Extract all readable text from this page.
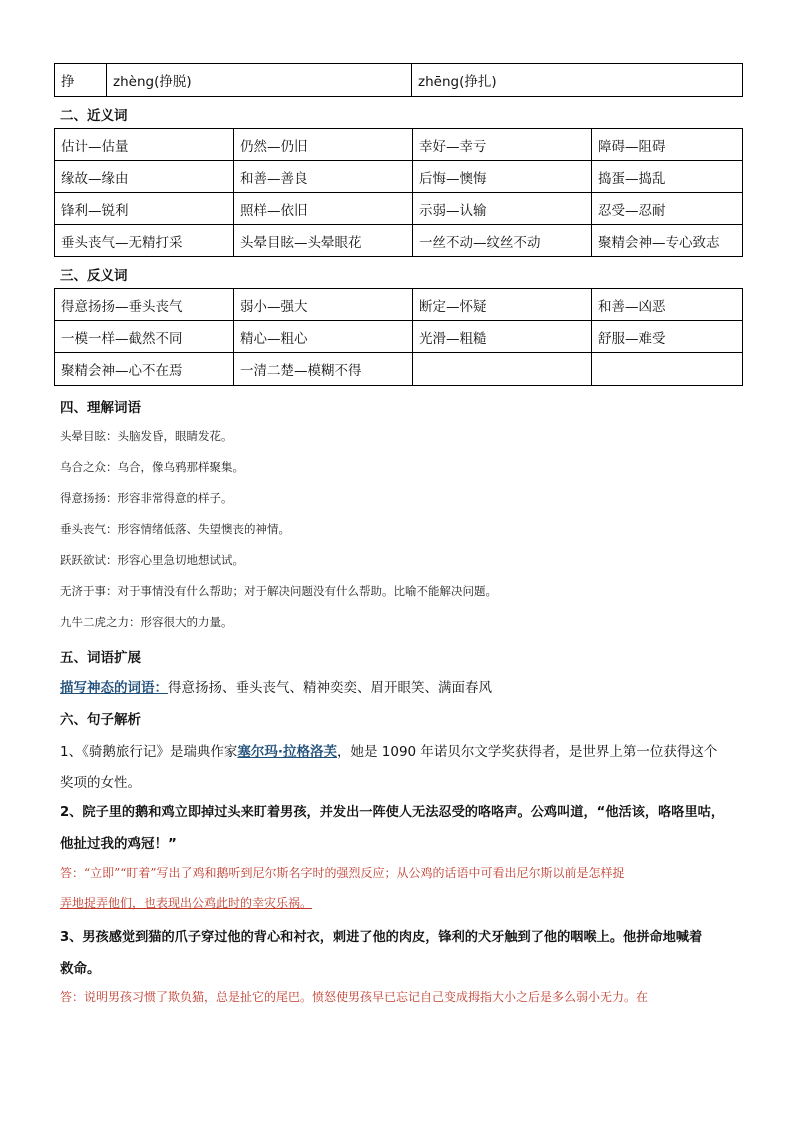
挣	zhèng(挣脱)	zhēng(挣扎)
二、近义词
估计—估量	仍然—仍旧	幸好—幸亏	障碍—阻碍
缘故—缘由	和善—善良	后悔—懊悔	捣蛋—捣乱
锋利—锐利	照样—依旧	示弱—认输	忍受—忍耐
垂头丧气—无精打采	头晕目眩—头晕眼花	一丝不动—纹丝不动	聚精会神—专心致志
三、反义词
得意扬扬—垂头丧气	弱小—强大	断定—怀疑	和善—凶恶
一模一样—截然不同	精心—粗心	光滑—粗糙	舒服—难受
聚精会神—心不在焉	一清二楚—模糊不得		
四、理解词语
头晕目眩：头脑发昏，眼睛发花。
乌合之众：乌合，像乌鸦那样聚集。
得意扬扬：形容非常得意的样子。
垂头丧气：形容情绪低落、失望懊丧的神情。
跃跃欲试：形容心里急切地想试试。
无济于事：对于事情没有什么帮助；对于解决问题没有什么帮助。比喻不能解决问题。
九牛二虎之力：形容很大的力量。
五、词语扩展
描写神态的词语：得意扬扬、垂头丧气、精神奕奕、眉开眼笑、满面春风
六、句子解析
1、《骑鹅旅行记》是瑞典作家塞尔玛·拉格洛芙，她是 1090 年诺贝尔文学奖获得者，是世界上第一位获得这个
奖项的女性。
2、院子里的鹅和鸡立即掉过头来盯着男孩，并发出一阵使人无法忍受的咯咯声。公鸡叫道，“他活该，咯咯里咕，
他扯过我的鸡冠！”
答：“立即”“盯着”写出了鸡和鹅听到尼尔斯名字时的强烈反应；从公鸡的话语中可看出尼尔斯以前是怎样捉
弄地捉弄他们，也表现出公鸡此时的幸灾乐祸。
3、男孩感觉到猫的爪子穿过他的背心和衬衣，刺进了他的肉皮，锋利的犬牙触到了他的咽喉上。他拼命地喊着
救命。
答：说明男孩习惯了欺负猫，总是扯它的尾巴。愤怒使男孩早已忘记自己变成拇指大小之后是多么弱小无力。在
